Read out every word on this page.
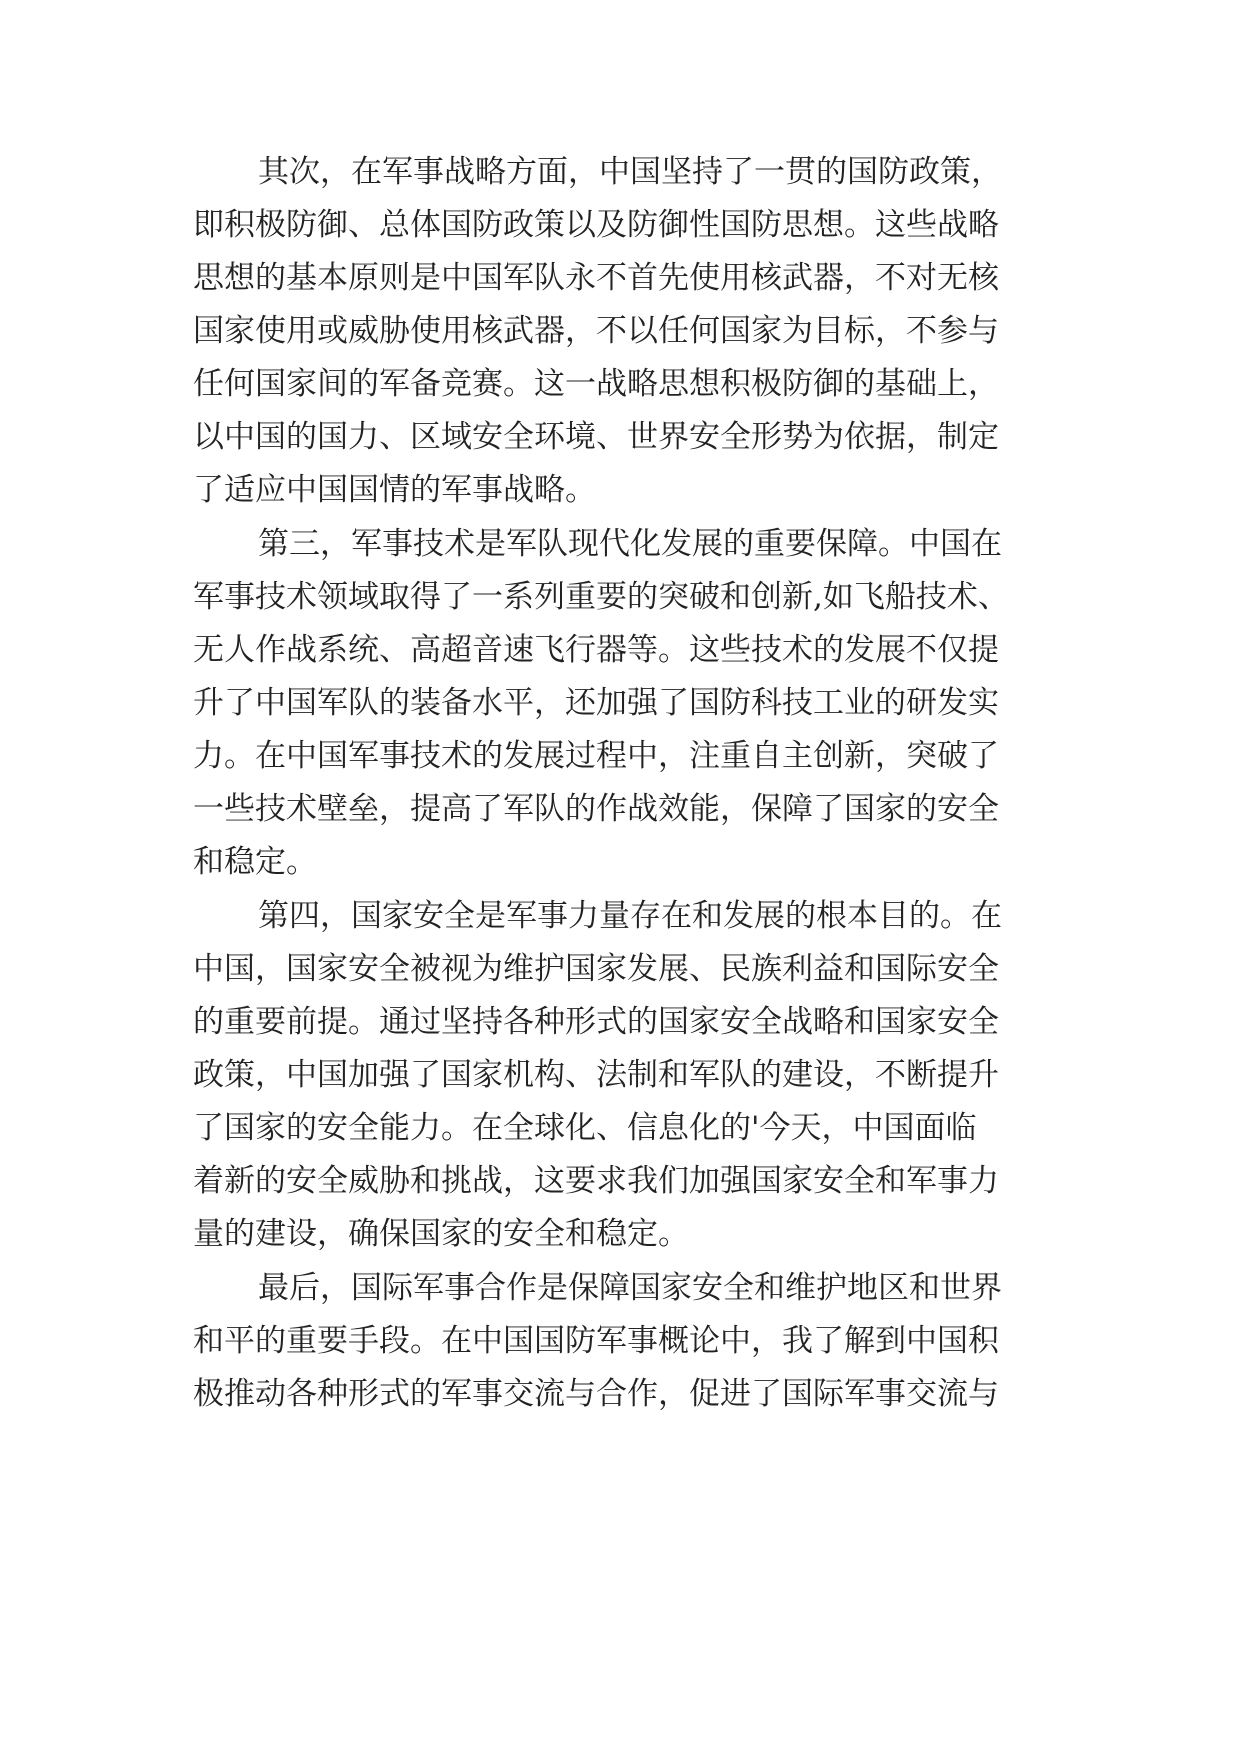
其次，在军事战略方面，中国坚持了一贯的国防政策，

即积极防御、总体国防政策以及防御性国防思想。这些战略

思想的基本原则是中国军队永不首先使用核武器，不对无核

国家使用或威胁使用核武器，不以任何国家为目标，不参与

任何国家间的军备竞赛。这一战略思想积极防御的基础上，

以中国的国力、区域安全环境、世界安全形势为依据，制定

了适应中国国情的军事战略。

第三，军事技术是军队现代化发展的重要保障。中国在

军事技术领域取得了一系列重要的突破和创新,如飞船技术、

无人作战系统、高超音速飞行器等。这些技术的发展不仅提

升了中国军队的装备水平，还加强了国防科技工业的研发实

力。在中国军事技术的发展过程中，注重自主创新，突破了

一些技术壁垒，提高了军队的作战效能，保障了国家的安全

和稳定。

第四，国家安全是军事力量存在和发展的根本目的。在

中国，国家安全被视为维护国家发展、民族利益和国际安全

的重要前提。通过坚持各种形式的国家安全战略和国家安全

政策，中国加强了国家机构、法制和军队的建设，不断提升

了国家的安全能力。在全球化、信息化的'今天，中国面临

着新的安全威胁和挑战，这要求我们加强国家安全和军事力

量的建设，确保国家的安全和稳定。

最后，国际军事合作是保障国家安全和维护地区和世界

和平的重要手段。在中国国防军事概论中，我了解到中国积

极推动各种形式的军事交流与合作，促进了国际军事交流与
